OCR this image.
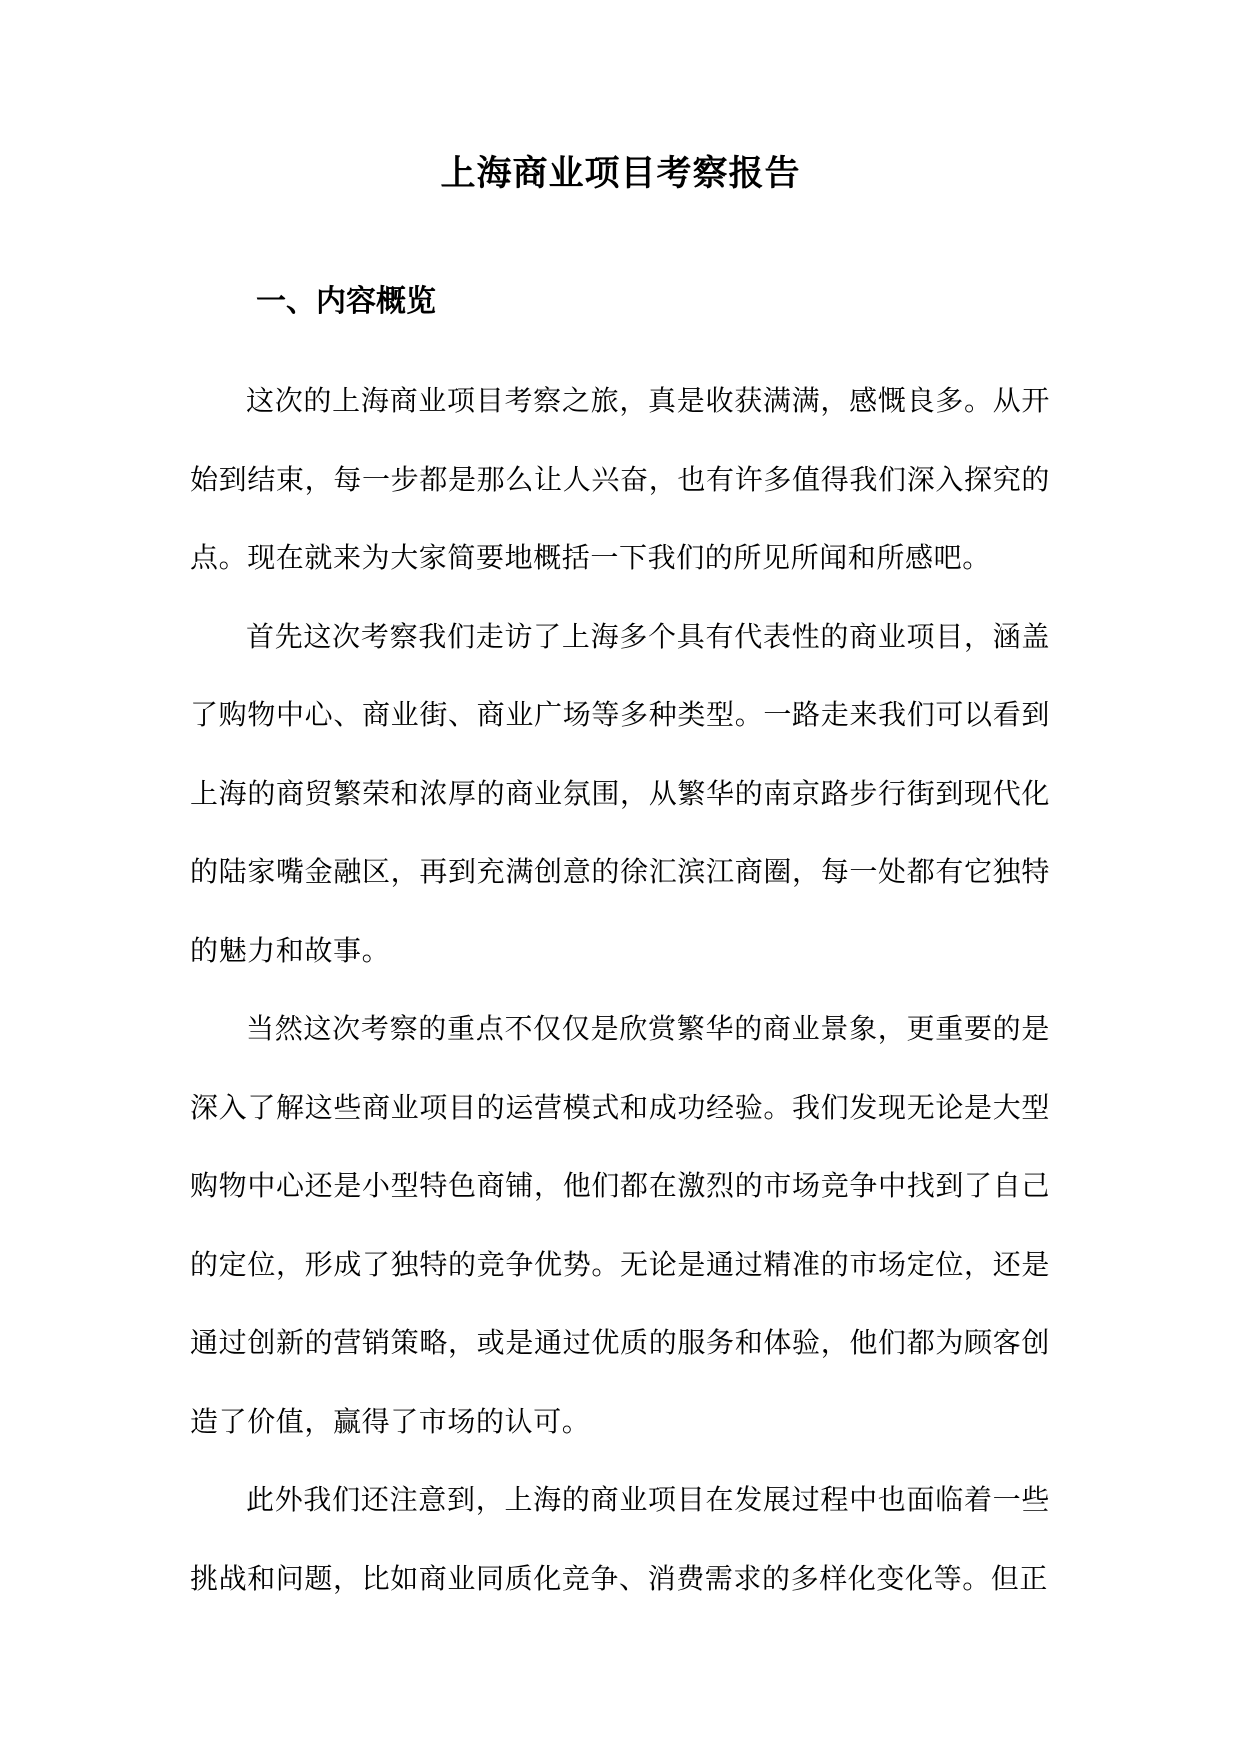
上海商业项目考察报告
一、内容概览

这次的上海商业项目考察之旅，真是收获满满，感慨良多。从开始到结束，每一步都是那么让人兴奋，也有许多值得我们深入探究的点。现在就来为大家简要地概括一下我们的所见所闻和所感吧。

首先这次考察我们走访了上海多个具有代表性的商业项目，涵盖了购物中心、商业街、商业广场等多种类型。一路走来我们可以看到上海的商贸繁荣和浓厚的商业氛围，从繁华的南京路步行街到现代化的陆家嘴金融区，再到充满创意的徐汇滨江商圈，每一处都有它独特的魅力和故事。

当然这次考察的重点不仅仅是欣赏繁华的商业景象，更重要的是深入了解这些商业项目的运营模式和成功经验。我们发现无论是大型购物中心还是小型特色商铺，他们都在激烈的市场竞争中找到了自己的定位，形成了独特的竞争优势。无论是通过精准的市场定位，还是通过创新的营销策略，或是通过优质的服务和体验，他们都为顾客创造了价值，赢得了市场的认可。

此外我们还注意到，上海的商业项目在发展过程中也面临着一些挑战和问题，比如商业同质化竞争、消费需求的多样化变化等。但正
